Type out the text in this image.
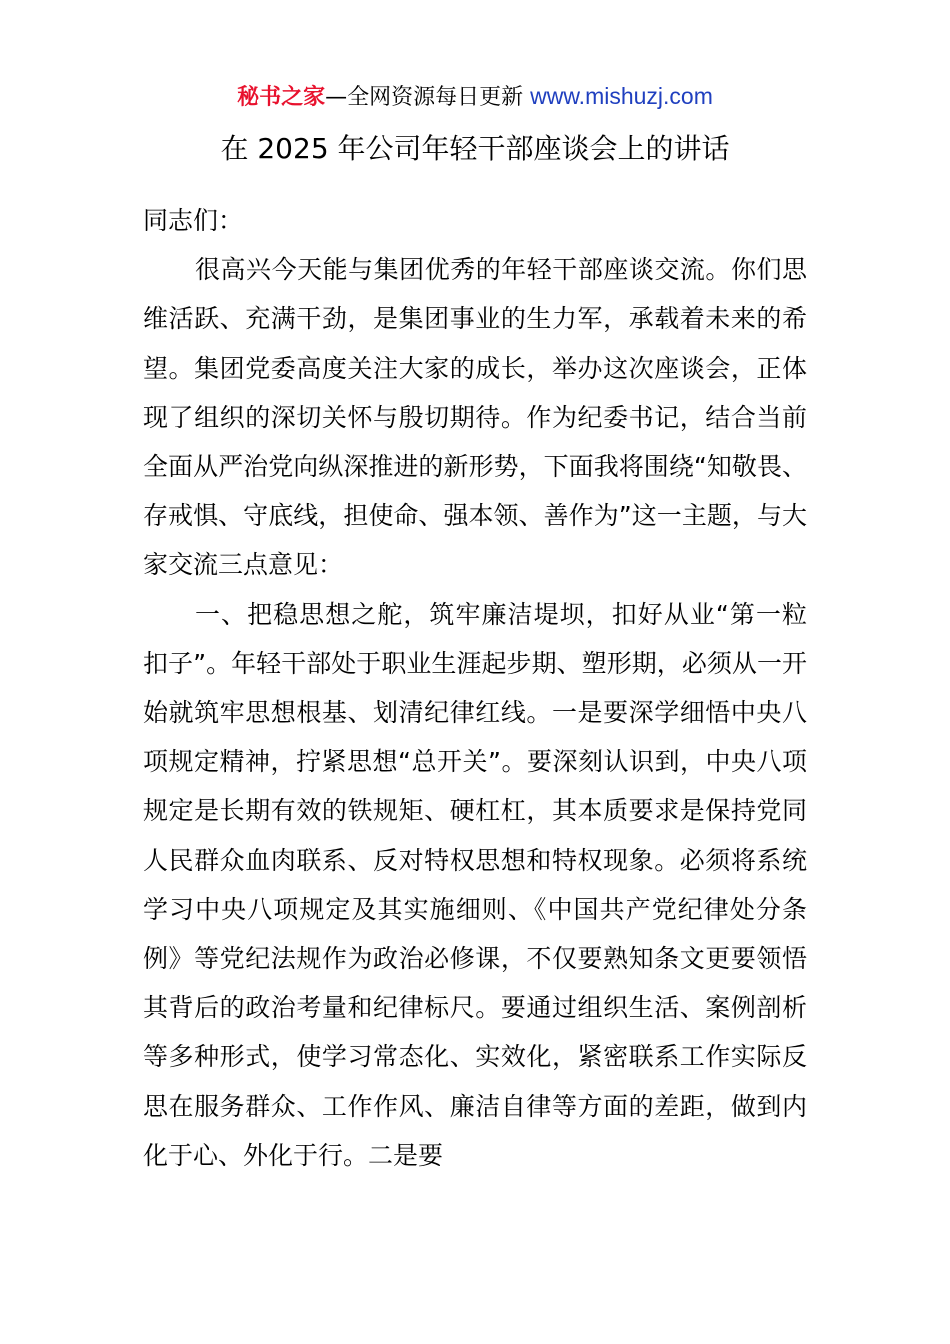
秘书之家—全网资源每日更新 www.mishuzj.com
在 2025 年公司年轻干部座谈会上的讲话

同志们：

很高兴今天能与集团优秀的年轻干部座谈交流。你们思维活跃、充满干劲，是集团事业的生力军，承载着未来的希望。集团党委高度关注大家的成长，举办这次座谈会，正体现了组织的深切关怀与殷切期待。作为纪委书记，结合当前全面从严治党向纵深推进的新形势，下面我将围绕“知敬畏、存戒惧、守底线，担使命、强本领、善作为”这一主题，与大家交流三点意见：

一、把稳思想之舵，筑牢廉洁堤坝，扣好从业“第一粒扣子”。年轻干部处于职业生涯起步期、塑形期，必须从一开始就筑牢思想根基、划清纪律红线。一是要深学细悟中央八项规定精神，拧紧思想“总开关”。要深刻认识到，中央八项规定是长期有效的铁规矩、硬杠杠，其本质要求是保持党同人民群众血肉联系、反对特权思想和特权现象。必须将系统学习中央八项规定及其实施细则、《中国共产党纪律处分条例》等党纪法规作为政治必修课，不仅要熟知条文更要领悟其背后的政治考量和纪律标尺。要通过组织生活、案例剖析等多种形式，使学习常态化、实效化，紧密联系工作实际反思在服务群众、工作作风、廉洁自律等方面的差距，做到内化于心、外化于行。二是要
